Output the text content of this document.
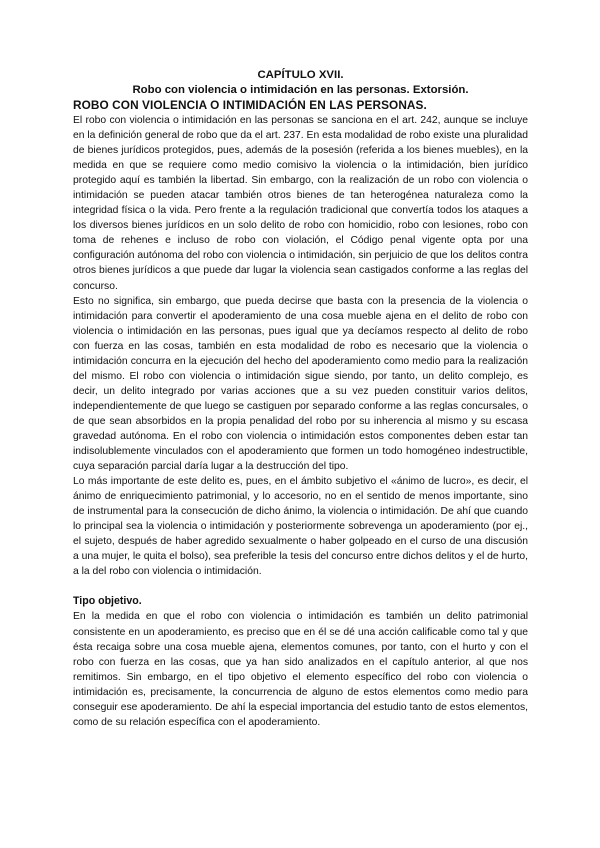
CAPÍTULO XVII.
Robo con violencia o intimidación en las personas. Extorsión.
ROBO CON VIOLENCIA O INTIMIDACIÓN EN LAS PERSONAS.

El robo con violencia o intimidación en las personas se sanciona en el art. 242, aunque se incluye en la definición general de robo que da el art. 237. En esta modalidad de robo existe una pluralidad de bienes jurídicos protegidos, pues, además de la posesión (referida a los bienes muebles), en la medida en que se requiere como medio comisivo la violencia o la intimidación, bien jurídico protegido aquí es también la libertad. Sin embargo, con la realización de un robo con violencia o intimidación se pueden atacar también otros bienes de tan heterogénea naturaleza como la integridad física o la vida. Pero frente a la regulación tradicional que convertía todos los ataques a los diversos bienes jurídicos en un solo delito de robo con homicidio, robo con lesiones, robo con toma de rehenes e incluso de robo con violación, el Código penal vigente opta por una configuración autónoma del robo con violencia o intimidación, sin perjuicio de que los delitos contra otros bienes jurídicos a que puede dar lugar la violencia sean castigados conforme a las reglas del concurso.

Esto no significa, sin embargo, que pueda decirse que basta con la presencia de la violencia o intimidación para convertir el apoderamiento de una cosa mueble ajena en el delito de robo con violencia o intimidación en las personas, pues igual que ya decíamos respecto al delito de robo con fuerza en las cosas, también en esta modalidad de robo es necesario que la violencia o intimidación concurra en la ejecución del hecho del apoderamiento como medio para la realización del mismo. El robo con violencia o intimidación sigue siendo, por tanto, un delito complejo, es decir, un delito integrado por varias acciones que a su vez pueden constituir varios delitos, independientemente de que luego se castiguen por separado conforme a las reglas concursales, o de que sean absorbidos en la propia penalidad del robo por su inherencia al mismo y su escasa gravedad autónoma. En el robo con violencia o intimidación estos componentes deben estar tan indisolublemente vinculados con el apoderamiento que formen un todo homogéneo indestructible, cuya separación parcial daría lugar a la destrucción del tipo.

Lo más importante de este delito es, pues, en el ámbito subjetivo el «ánimo de lucro», es decir, el ánimo de enriquecimiento patrimonial, y lo accesorio, no en el sentido de menos importante, sino de instrumental para la consecución de dicho ánimo, la violencia o intimidación. De ahí que cuando lo principal sea la violencia o intimidación y posteriormente sobrevenga un apoderamiento (por ej., el sujeto, después de haber agredido sexualmente o haber golpeado en el curso de una discusión a una mujer, le quita el bolso), sea preferible la tesis del concurso entre dichos delitos y el de hurto, a la del robo con violencia o intimidación.

Tipo objetivo.

En la medida en que el robo con violencia o intimidación es también un delito patrimonial consistente en un apoderamiento, es preciso que en él se dé una acción calificable como tal y que ésta recaiga sobre una cosa mueble ajena, elementos comunes, por tanto, con el hurto y con el robo con fuerza en las cosas, que ya han sido analizados en el capítulo anterior, al que nos remitimos. Sin embargo, en el tipo objetivo el elemento específico del robo con violencia o intimidación es, precisamente, la concurrencia de alguno de estos elementos como medio para conseguir ese apoderamiento. De ahí la especial importancia del estudio tanto de estos elementos, como de su relación específica con el apoderamiento.
